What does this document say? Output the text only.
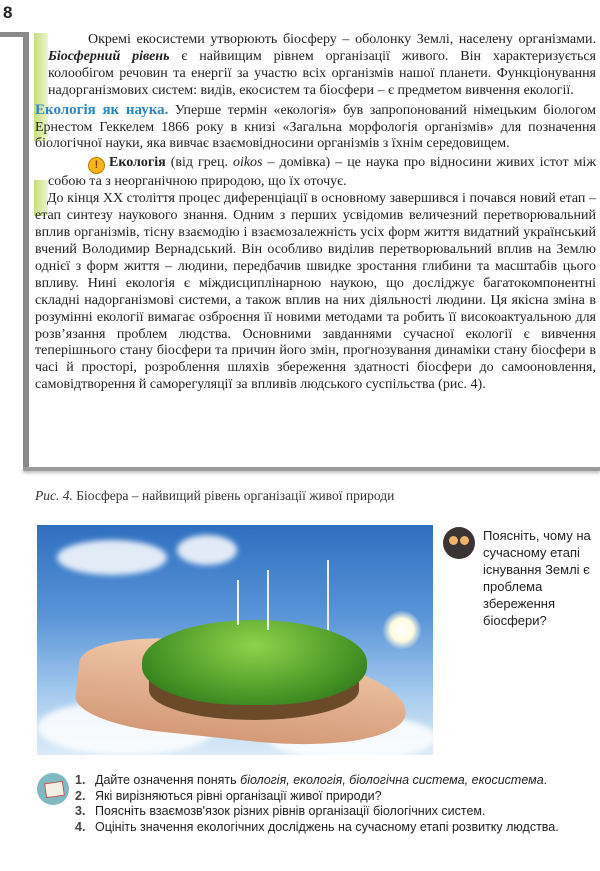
8

Окремі екосистеми утворюють біосферу – оболонку Землі, населену організмами. Біосферний рівень є найвищим рівнем організації живого. Він характеризується колообігом речовин та енергії за участю всіх організмів нашої планети. Функціонування надорганізмових систем: видів, екосистем та біосфери – є предметом вивчення екології.

Екологія як наука. Уперше термін «екологія» був запропонований німецьким біологом Ернестом Геккелем 1866 року в книзі «Загальна морфологія організмів» для позначення біологічної науки, яка вивчає взаємовідносини організмів з їхнім середовищем.

! Екологія (від грец. oikos – домівка) – це наука про відносини живих істот між собою та з неорганічною природою, що їх оточує.

До кінця XX століття процес диференціації в основному завершився і почався новий етап – етап синтезу наукового знання. Одним з перших усвідомив величезний перетворювальний вплив організмів, тісну взаємодію і взаємозалежність усіх форм життя видатний український вчений Володимир Вернадський. Він особливо виділив перетворювальний вплив на Землю однієї з форм життя – людини, передбачив швидке зростання глибини та масштабів цього впливу. Нині екологія є міждисциплінарною наукою, що досліджує багатокомпонентні складні надорганізмові системи, а також вплив на них діяльності людини. Ця якісна зміна в розумінні екології вимагає озброєння її новими методами та робить її високоактуальною для розв’язання проблем людства. Основними завданнями сучасної екології є вивчення теперішнього стану біосфери та причин його змін, прогнозування динаміки стану біосфери в часі й просторі, розроблення шляхів збереження здатності біосфери до самооновлення, самовідтворення й саморегуляції за впливів людського суспільства (рис. 4).

Рис. 4. Біосфера – найвищий рівень організації живої природи
Поясніть, чому на сучасному етапі існування Землі є проблема збереження біосфери?
1. Дайте означення понять біологія, екологія, біологічна система, екосистема.
2. Які вирізняються рівні організації живої природи?
3. Поясніть взаємозв'язок різних рівнів організації біологічних систем.
4. Оцініть значення екологічних досліджень на сучасному етапі розвитку людства.
